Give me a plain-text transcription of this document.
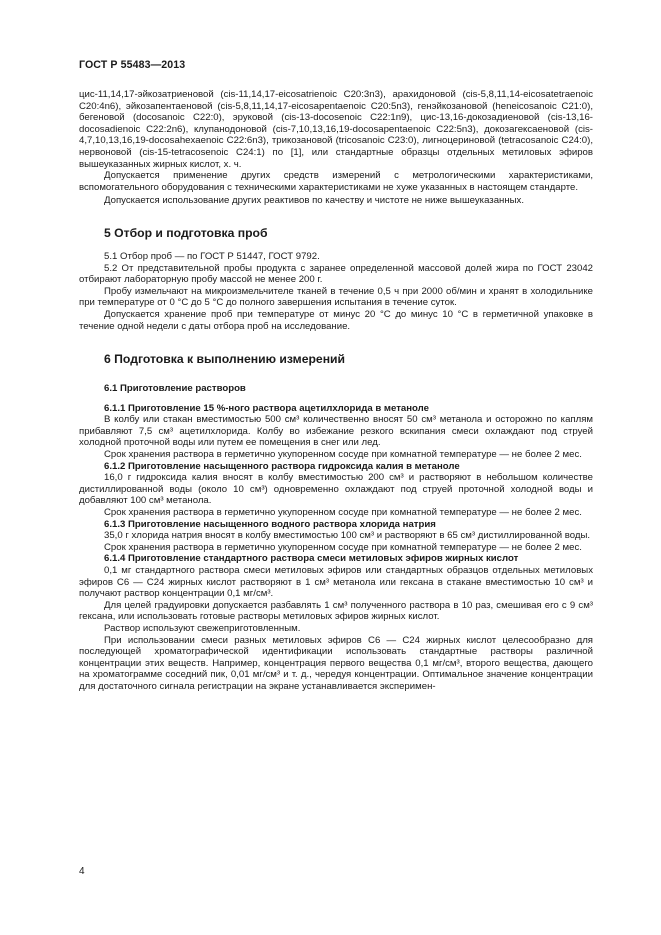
ГОСТ Р 55483—2013

цис-11,14,17-эйкозатриеновой (cis-11,14,17-eicosatrienoic C20:3n3), арахидоновой (cis-5,8,11,14-eicosatetraenoic C20:4n6), эйкозапентаеновой (cis-5,8,11,14,17-eicosapentaenoic C20:5n3), генэйкозановой (heneicosanoic C21:0), бегеновой (docosanoic C22:0), эруковой (cis-13-docosenoic C22:1n9), цис-13,16-докозадиеновой (cis-13,16-docosadienoic C22:2n6), клупанодоновой (cis-7,10,13,16,19-docosapentaenoic C22:5n3), докозагексаеновой (cis-4,7,10,13,16,19-docosahexaenoic C22:6n3), трикозановой (tricosanoic C23:0), лигноцериновой (tetracosanoic C24:0), нервоновой (cis-15-tetracosenoic C24:1) по [1], или стандартные образцы отдельных метиловых эфиров вышеуказанных жирных кислот, х. ч.

Допускается применение других средств измерений с метрологическими характеристиками, вспомогательного оборудования с техническими характеристиками не хуже указанных в настоящем стандарте.

Допускается использование других реактивов по качеству и чистоте не ниже вышеуказанных.

5 Отбор и подготовка проб

5.1 Отбор проб — по ГОСТ Р 51447, ГОСТ 9792.

5.2 От представительной пробы продукта с заранее определенной массовой долей жира по ГОСТ 23042 отбирают лабораторную пробу массой не менее 200 г.

Пробу измельчают на микроизмельчителе тканей в течение 0,5 ч при 2000 об/мин и хранят в холодильнике при температуре от 0 °С до 5 °С до полного завершения испытания в течение суток.

Допускается хранение проб при температуре от минус 20 °С до минус 10 °С в герметичной упаковке в течение одной недели с даты отбора проб на исследование.

6 Подготовка к выполнению измерений

6.1 Приготовление растворов

6.1.1 Приготовление 15 %-ного раствора ацетилхлорида в метаноле

В колбу или стакан вместимостью 500 см³ количественно вносят 50 см³ метанола и осторожно по каплям прибавляют 7,5 см³ ацетилхлорида. Колбу во избежание резкого вскипания смеси охлаждают под струей холодной проточной воды или путем ее помещения в снег или лед.

Срок хранения раствора в герметично укупоренном сосуде при комнатной температуре — не более 2 мес.

6.1.2 Приготовление насыщенного раствора гидроксида калия в метаноле

16,0 г гидроксида калия вносят в колбу вместимостью 200 см³ и растворяют в небольшом количестве дистиллированной воды (около 10 см³) одновременно охлаждают под струей проточной холодной воды и добавляют 100 см³ метанола.

Срок хранения раствора в герметично укупоренном сосуде при комнатной температуре — не более 2 мес.

6.1.3 Приготовление насыщенного водного раствора хлорида натрия

35,0 г хлорида натрия вносят в колбу вместимостью 100 см³ и растворяют в 65 см³ дистиллированной воды.

Срок хранения раствора в герметично укупоренном сосуде при комнатной температуре — не более 2 мес.

6.1.4 Приготовление стандартного раствора смеси метиловых эфиров жирных кислот

0,1 мг стандартного раствора смеси метиловых эфиров или стандартных образцов отдельных метиловых эфиров С6 — С24 жирных кислот растворяют в 1 см³ метанола или гексана в стакане вместимостью 10 см³ и получают раствор концентрации 0,1 мг/см³.

Для целей градуировки допускается разбавлять 1 см³ полученного раствора в 10 раз, смешивая его с 9 см³ гексана, или использовать готовые растворы метиловых эфиров жирных кислот.

Раствор используют свежеприготовленным.

При использовании смеси разных метиловых эфиров С6 — С24 жирных кислот целесообразно для последующей хроматографической идентификации использовать стандартные растворы различной концентрации этих веществ. Например, концентрация первого вещества 0,1 мг/см³, второго вещества, дающего на хроматограмме соседний пик, 0,01 мг/см³ и т. д., чередуя концентрации. Оптимальное значение концентрации для достаточного сигнала регистрации на экране устанавливается эксперимен-

4
